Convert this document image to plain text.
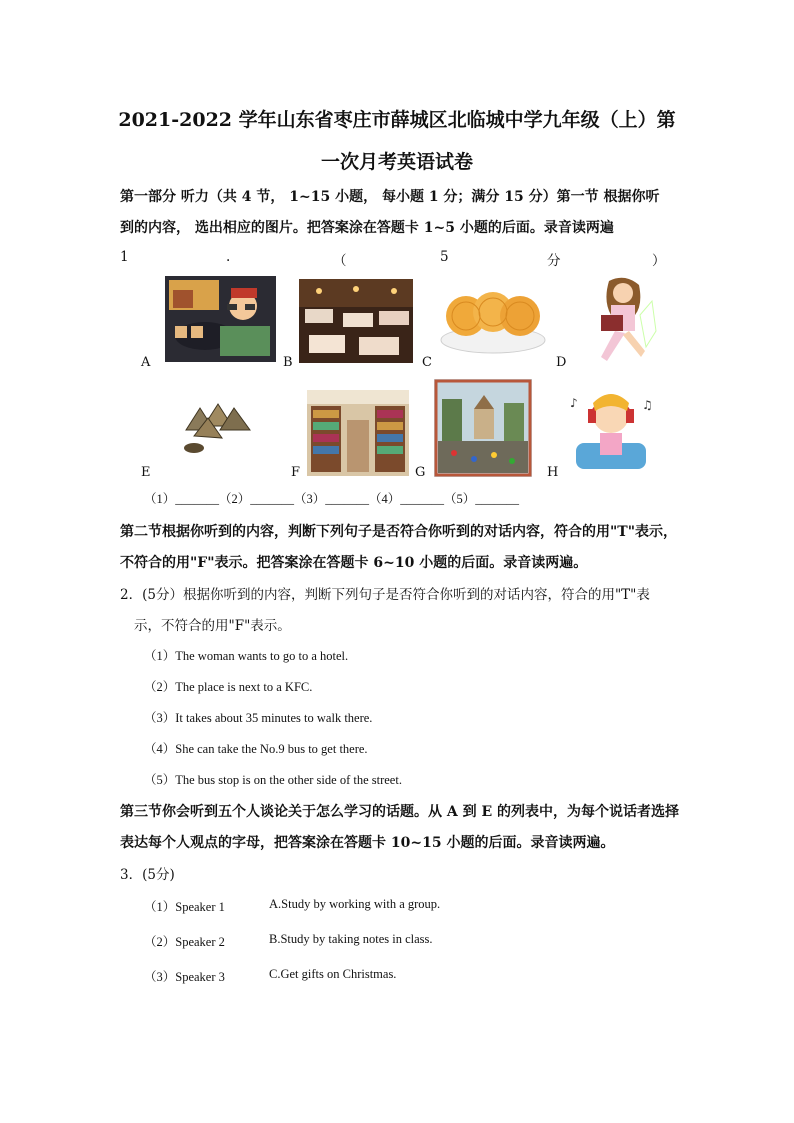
2021-2022 学年山东省枣庄市薛城区北临城中学九年级（上）第
一次月考英语试卷
第一部分 听力（共 4 节， 1~15 小题， 每小题 1 分；满分 15 分）第一节 根据你听
到的内容， 选出相应的图片。把答案涂在答题卡 1~5 小题的后面。录音读两遍
1	.	（	5	分	）
A	B	C	D
♪	♫
E	F	G	H
（1）_______（2）_______（3）_______（4）_______（5）_______
第二节根据你听到的内容，判断下列句子是否符合你听到的对话内容，符合的用"T"表示，
不符合的用"F"表示。把答案涂在答题卡 6~10 小题的后面。录音读两遍。
2．(5分）根据你听到的内容，判断下列句子是否符合你听到的对话内容，符合的用"T"表
示，不符合的用"F"表示。
（1）The woman wants to go to a hotel.
（2）The place is next to a KFC.
（3）It takes about 35 minutes to walk there.
（4）She can take the No.9 bus to get there.
（5）The bus stop is on the other side of the street.
第三节你会听到五个人谈论关于怎么学习的话题。从 A 到 E 的列表中，为每个说话者选择
表达每个人观点的字母，把答案涂在答题卡 10~15 小题的后面。录音读两遍。
3．(5分)
（1）Speaker 1	A.Study by working with a group.
（2）Speaker 2	B.Study by taking notes in class.
（3）Speaker 3	C.Get gifts on Christmas.
